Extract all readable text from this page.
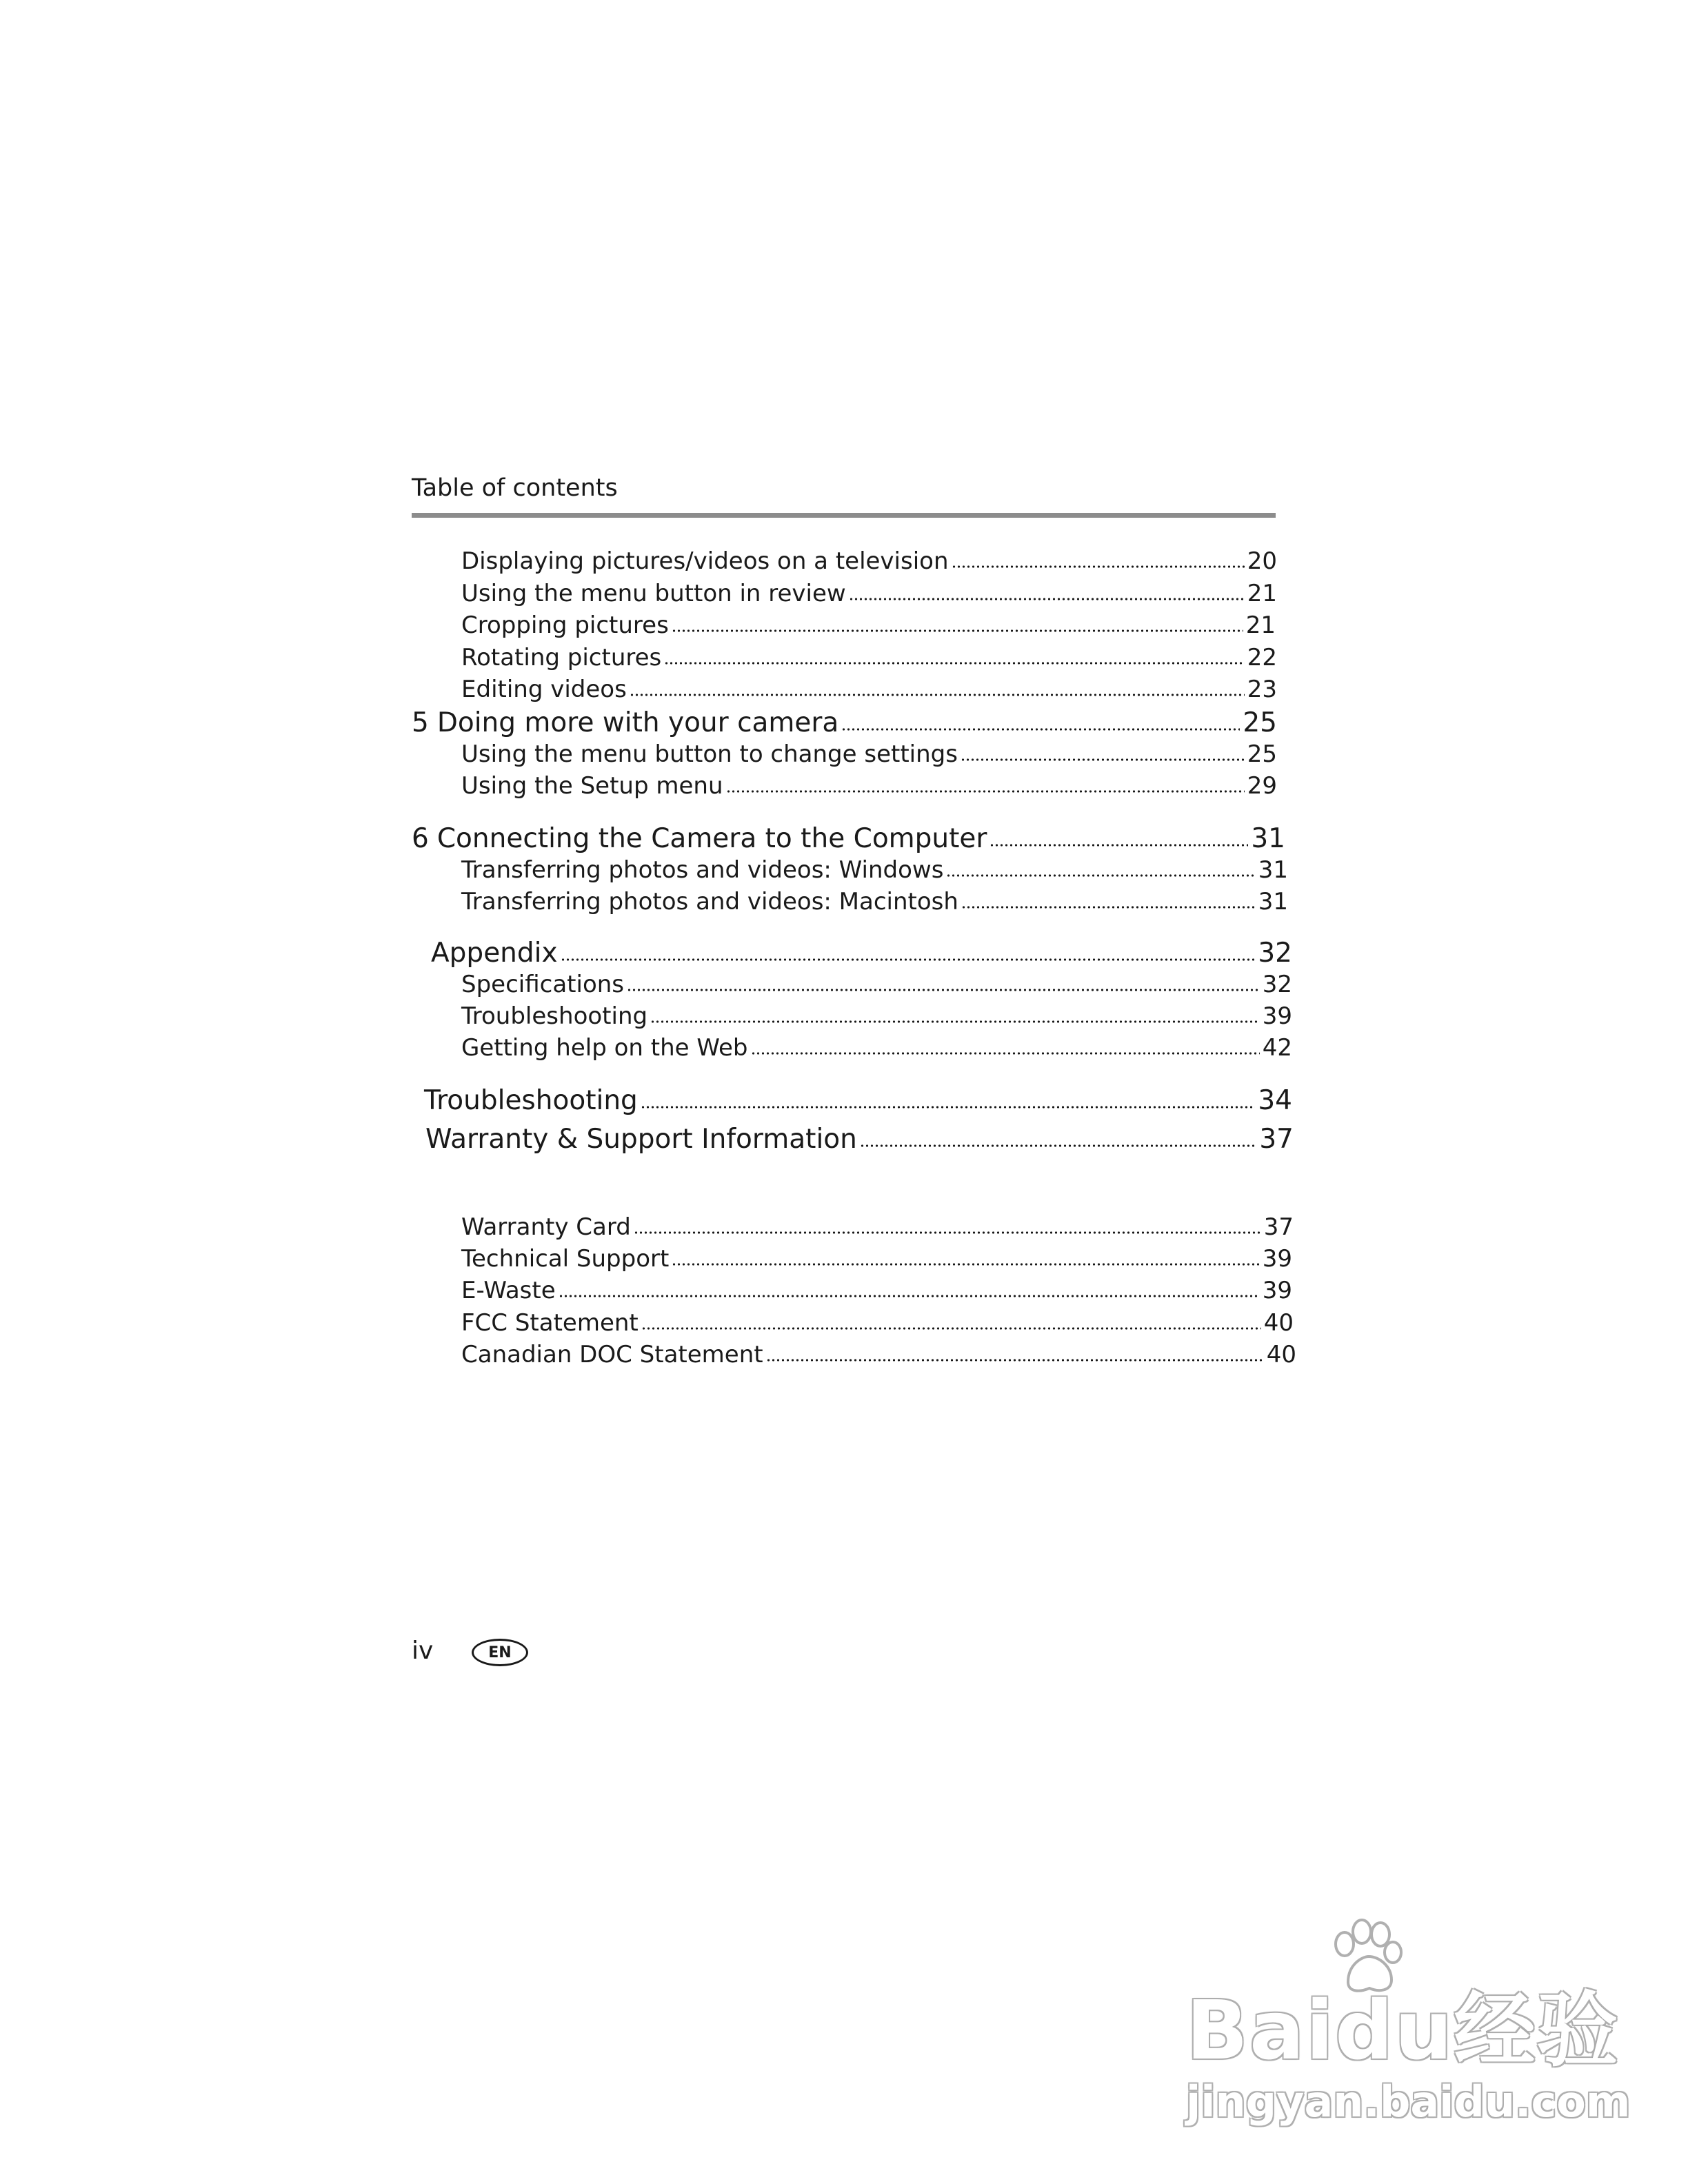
Table of contents
Displaying pictures/videos on a television	20
Using the menu button in review	21
Cropping pictures	21
Rotating pictures	22
Editing videos	23
5 Doing more with your camera	25
Using the menu button to change settings	25
Using the Setup menu	29
6 Connecting the Camera to the Computer	31
Transferring photos and videos: Windows	31
Transferring photos and videos: Macintosh	31
Appendix	32
Specifications	32
Troubleshooting	39
Getting help on the Web	42
Troubleshooting	34
Warranty & Support Information	37
Warranty Card	37
Technical Support	39
E-Waste	39
FCC Statement	40
Canadian DOC Statement	40
iv	EN
Baidu经验
jingyan.baidu.com
